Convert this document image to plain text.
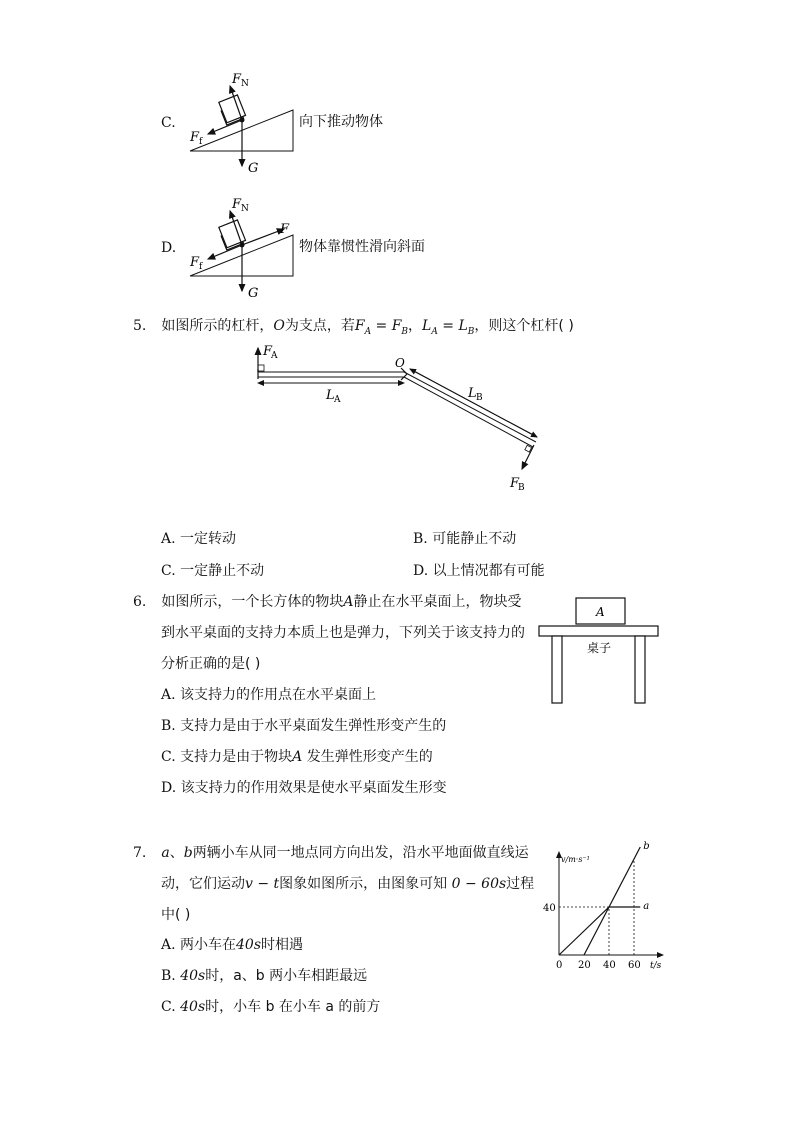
C.
F N
F f
G
向下推动物体
D.
F N
F f
F
G
物体靠惯性滑向斜面
5. 如图所示的杠杆，O为支点，若$F_A = F_B$，$L_A = L_B$，则这个杠杆( )
F
A	O
L A	L B
F
B
A. 一定转动	B. 可能静止不动
C. 一定静止不动	D. 以上情况都有可能
6. 如图所示，一个长方体的物块A静止在水平桌面上，物块受
到水平桌面的支持力本质上也是弹力，下列关于该支持力的
分析正确的是( )
A
桌子
A. 该支持力的作用点在水平桌面上
B. 支持力是由于水平桌面发生弹性形变产生的
C. 支持力是由于物块A 发生弹性形变产生的
D. 该支持力的作用效果是使水平桌面发生形变
7. a、b两辆小车从同一地点同方向出发，沿水平地面做直线运
动，它们运动v − t图象如图所示，由图象可知 0 − 60s过程
中( )
A. 两小车在40s时相遇
B. 40s时，a、b 两小车相距最远
C. 40s时，小车 b 在小车 a 的前方
a
b
0 20 40 60
40
v/m·s⁻¹
t/s
